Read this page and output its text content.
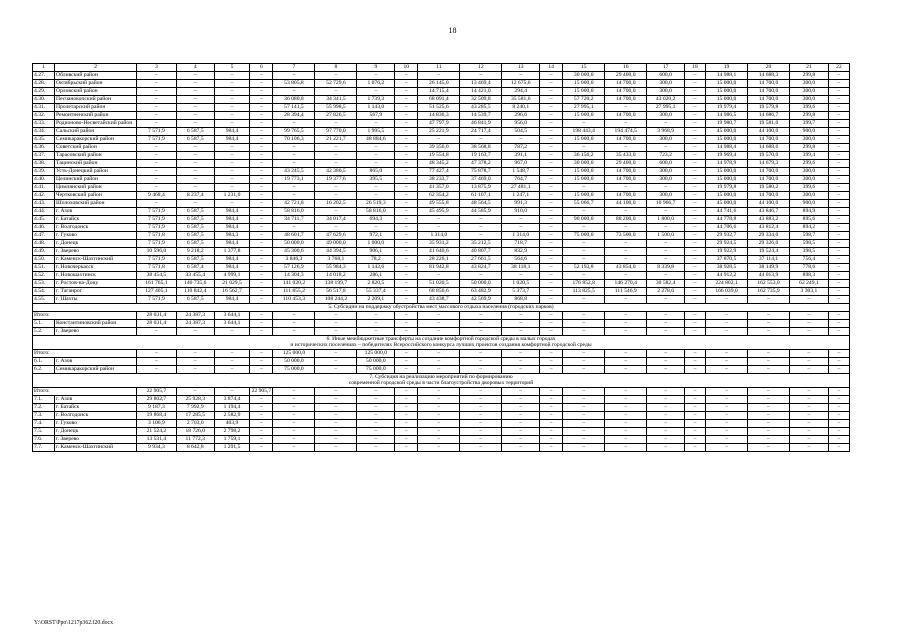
18
1	2	3	4	5	6	7	8	9	10	11	12	13	14	15	16	17	18	19	20	21	22
4.27.	Обливский район	–	–	–	–	–	–	–	–	–	–	–	–	30 000,0	29 400,0	600,0	–	14 988,1	14 688,3	299,8	–
4.28.	Октябрьский район	–	–	–	–	53 805,8	52 729,6	1 076,2	–	26 145,0	13 469,4	12 675,6	–	15 000,0	14 700,0	300,0	–	15 000,0	14 700,0	300,0	–
4.29.	Орловский район	–	–	–	–	–	–	–	–	14 715,4	14 421,0	294,4	–	15 000,0	14 700,0	300,0	–	15 000,0	14 700,0	300,0	–
4.30.	Песчанокопский район	–	–	–	–	36 080,8	34 341,5	1 739,3	–	68 091,4	32 509,8	35 581,6	–	57 720,2	14 700,0	43 020,2	–	15 000,0	14 700,0	300,0	–
4.31.	Пролетарский район	–	–	–	–	57 141,5	55 998,5	1 143,0	–	51 525,6	43 285,5	8 240,1	–	27 995,1	–	27 995,1	–	19 979,4	19 579,8	399,6	–
4.32.	Ремонтненский район	–	–	–	–	28 394,4	27 826,5	567,9	–	14 836,3	14 539,7	296,6	–	15 000,0	14 700,0	300,0	–	14 986,5	14 686,7	299,8	–
4.33.	Родионово-Несветайский район	–	–	–	–	–	–	–	–	47 797,9	46 841,9	956,0	–	–	–	–	–	19 980,7	19 581,0	399,7	–
4.34.	Сальский район	7 571,9	6 587,5	984,4	–	99 765,5	97 770,0	1 995,5	–	25 221,9	24 717,4	504,5	–	198 443,4	194 474,5	3 968,9	–	45 000,0	44 100,0	900,0	–
4.35.	Семикаракорский район	7 571,9	6 587,5	984,4	–	70 106,3	21 221,7	48 884,6	–	–	–	–	–	15 000,0	14 700,0	300,0	–	15 000,0	14 700,0	300,0	–
4.36.	Советский район	–	–	–	–	–	–	–	–	39 356,0	38 568,8	787,2	–	–	–	–	–	14 988,4	14 688,6	299,8	–
4.37.	Тарасовский район	–	–	–	–	–	–	–	–	19 554,8	19 163,7	391,1	–	36 156,2	35 433,0	723,2	–	19 969,4	19 570,0	399,4	–
4.38.	Тацинский район	–	–	–	–	–	–	–	–	48 345,2	47 378,2	967,0	–	30 000,0	29 400,0	600,0	–	14 978,9	14 679,3	299,6	–
4.39.	Усть-Донецкий район	–	–	–	–	43 245,5	42 380,5	865,0	–	77 427,4	75 878,7	1 548,7	–	15 000,0	14 700,0	300,0	–	15 000,0	14 700,0	300,0	–
4.40.	Целинский район	–	–	–	–	19 773,1	19 377,6	395,5	–	38 233,7	37 469,0	764,7	–	15 000,0	14 700,0	300,0	–	15 000,0	14 700,0	300,0	–
4.41.	Цимлянский район	–	–	–	–	–	–	–	–	41 357,0	13 875,9	27 481,1	–	–	–	–	–	19 979,8	19 580,2	399,6	–
4.42.	Чертковский район	9 468,4	8 237,4	1 231,0	–	–	–	–	–	62 354,2	61 107,1	1 247,1	–	15 000,0	14 700,0	300,0	–	15 000,0	14 700,0	300,0	–
4.43.	Шолоховский район	–	–	–	–	42 721,8	16 202,5	26 519,3	–	49 555,8	48 564,5	991,3	–	55 066,7	44 100,0	10 966,7	–	45 000,0	44 100,0	900,0	–
4.44.	г. Азов	7 571,9	6 587,5	984,4	–	58 816,0	–	58 816,0	–	45 495,9	44 585,9	910,0	–	–	–	–	–	44 741,6	43 846,7	894,9	–
4.45.	г. Батайск	7 571,9	6 587,5	984,4	–	34 711,7	34 017,4	694,3	–	–	–	–	–	90 000,0	88 200,0	1 800,0	–	44 778,8	43 883,2	895,6	–
4.46.	г. Волгодонск	7 571,9	6 587,5	984,4	–	–	–	–	–	–	–	–	–	–	–	–	–	44 706,6	43 812,4	894,2	–
4.47.	г. Гуково	7 571,8	6 587,5	984,3	–	48 601,7	47 629,6	972,1	–	1 314,0	–	1 314,0	–	75 000,0	73 500,0	1 500,0	–	29 932,7	29 334,0	598,7	–
4.48.	г. Донецк	7 571,9	6 587,5	984,4	–	50 000,0	49 000,0	1 000,0	–	35 931,2	35 212,5	718,7	–	–	–	–	–	29 924,5	29 326,0	598,5	–
4.49.	г. Зверево	10 596,0	9 218,2	1 377,8	–	45 300,6	44 394,5	906,1	–	41 640,6	40 807,7	832,9	–	–	–	–	–	19 922,9	19 524,4	398,5	–
4.50.	г. Каменск-Шахтинский	7 571,9	6 587,5	984,4	–	3 846,3	3 768,1	78,2	–	28 226,1	27 661,5	564,6	–	–	–	–	–	37 870,5	37 114,1	756,4	–
4.51.	г. Новочеркасск	7 571,8	6 587,4	984,4	–	57 126,9	55 984,3	1 142,6	–	81 942,8	43 824,7	38 118,1	–	52 193,8	43 854,0	8 339,8	–	38 928,5	38 149,9	778,6	–
4.52.	г. Новошахтинск	38 454,5	33 455,4	4 999,1	–	14 304,3	14 018,2	286,1	–	–	–	–	–	–	–	–	–	44 912,2	44 013,9	898,3	–
4.53.	г. Ростов-на-Дону	161 765,1	140 735,6	21 029,5	–	141 020,2	138 199,7	2 820,5	–	51 020,5	50 000,0	1 020,5	–	176 852,8	146 270,4	30 582,4	–	224 802,1	162 553,0	62 249,1	–
4.54.	г. Таганрог	127 405,1	110 842,4	16 562,7	–	111 855,2	56 517,8	55 337,4	–	68 856,6	63 482,9	5 373,7	–	113 825,5	111 546,9	2 278,6	–	166 039,0	162 735,9	3 303,1	–
4.55.	г. Шахты	7 571,9	6 587,5	984,4	–	110 453,3	108 244,2	2 209,1	–	43 438,7	42 569,9	868,8	–	–	–	–	–	–	–	–	–

5. Субсидии на поддержку обустройства мест массового отдыха населения (городских парков)																					

Итого:		28 031,4	24 387,3	3 644,1	–	–	–	–	–	–	–	–	–	–	–	–	–	–	–	–	–
5.1.	Константиновский район	28 031,4	24 387,3	3 644,1	–	–	–	–	–	–	–	–	–	–	–	–	–	–	–	–	–
5.2.	г. Зверево	–	–	–	–	–	–	–	–	–	–	–	–	–	–	–	–	–	–	–	–

6. Иные межбюджетные трансферты на создание комфортной городской среды в малых городах
и исторических поселениях – победителях Всероссийского конкурса лучших проектов создания комфортной городской среды																					

Итого:		–	–	–	–	125 000,0	–	125 000,0	–	–	–	–	–	–	–	–	–	–	–	–	–
6.1.	г. Азов	–	–	–	–	50 000,0	–	50 000,0	–	–	–	–	–	–	–	–	–	–	–	–	–
6.2.	Семикаракорский район	–	–	–	–	75 000,0	–	75 000,0	–	–	–	–	–	–	–	–	–	–	–	–	–

7. Субсидия на реализацию мероприятий по формированию
современной городской среды в части благоустройства дворовых территорий																					

Итого:		22 905,7	–	–	22 905,7	–	–	–	–	–	–	–	–	–	–	–	–	–	–	–	–
7.1.	г. Азов	29 802,7	25 928,3	3 874,4	–	–	–	–	–	–	–	–	–	–	–	–	–	–	–	–	–
7.2.	г. Батайск	9 187,3	7 992,9	1 194,4	–	–	–	–	–	–	–	–	–	–	–	–	–	–	–	–	–
7.3.	г. Волгодонск	19 868,4	17 285,5	2 582,9	–	–	–	–	–	–	–	–	–	–	–	–	–	–	–	–	–
7.4.	г. Гуково	3 106,9	2 703,0	403,9	–	–	–	–	–	–	–	–	–	–	–	–	–	–	–	–	–
7.5.	г. Донецк	21 524,2	18 726,0	2 798,2	–	–	–	–	–	–	–	–	–	–	–	–	–	–	–	–	–
7.6.	г. Зверево	13 531,4	11 772,3	1 759,1	–	–	–	–	–	–	–	–	–	–	–	–	–	–	–	–	–
7.7.	г. Каменск-Шахтинский	9 934,3	8 642,8	1 291,5	–	–	–	–	–	–	–	–	–	–	–	–	–	–	–	–	–
Y:\ORST\Ppo\1217p362.f20.docx
